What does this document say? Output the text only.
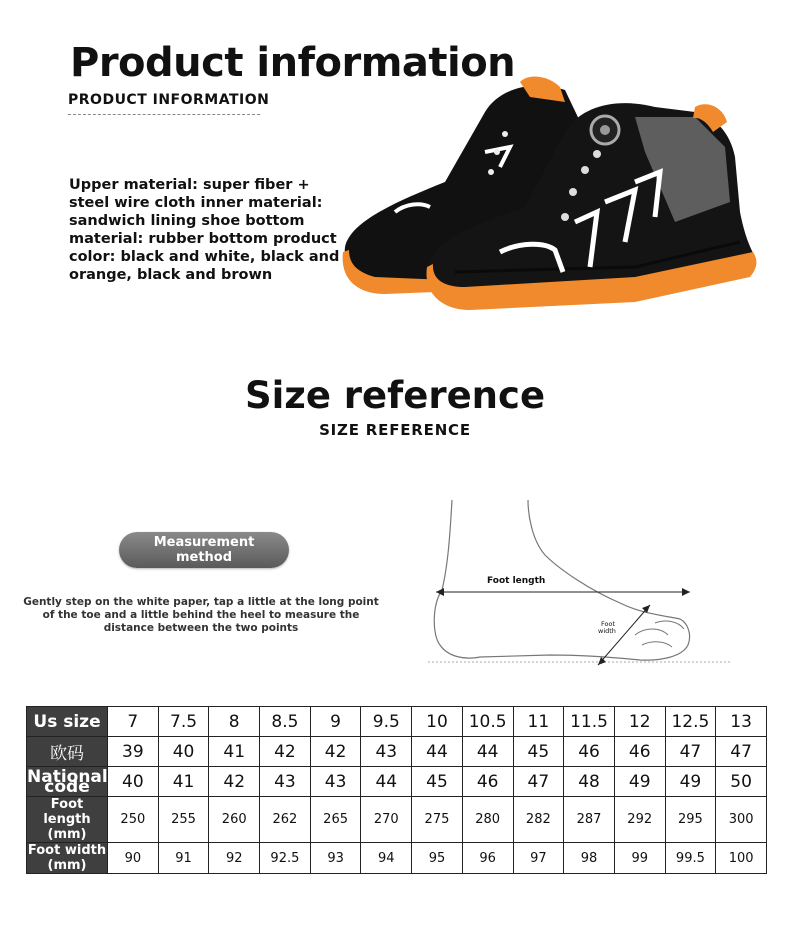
Product information
PRODUCT INFORMATION
Upper material: super fiber + steel wire cloth inner material: sandwich lining shoe bottom material: rubber bottom product color: black and white, black and orange, black and brown
Size reference
SIZE REFERENCE
Measurement
method
Gently step on the white paper, tap a little at the long point of the toe and a little behind the heel to measure the distance between the two points
Foot length
Foot
width
Us size	7	7.5	8	8.5	9	9.5	10	10.5	11	11.5	12	12.5	13
欧码	39	40	41	42	42	43	44	44	45	46	46	47	47
National code	40	41	42	43	43	44	45	46	47	48	49	49	50
Foot length (mm)	250	255	260	262	265	270	275	280	282	287	292	295	300
Foot width (mm)	90	91	92	92.5	93	94	95	96	97	98	99	99.5	100
